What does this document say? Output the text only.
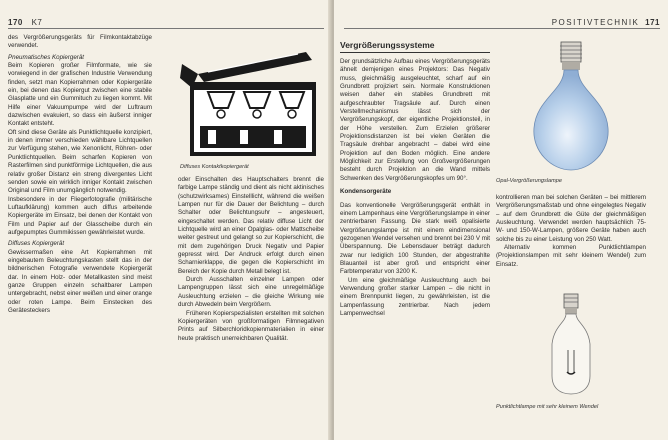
170 K7

des Vergrößerungsgeräts für Filmkontaktabzüge verwendet.

Pneumatisches Kopiergerät

Beim Kopieren großer Filmformate, wie sie vorwiegend in der grafischen Industrie Verwendung finden, setzt man Kopierrahmen oder Kopiergeräte ein, bei denen das Kopiergut zwischen eine stabile Glasplatte und ein Gummituch zu liegen kommt. Mit Hilfe einer Vakuumpumpe wird der Luftraum dazwischen evakuiert, so dass ein äußerst inniger Kontakt entsteht.

Oft sind diese Geräte als Punktlichtquelle konzipiert, in denen immer verschieden wählbare Lichtquellen zur Verfügung stehen, wie Xenonlicht, Röhren- oder Punktlichtquellen. Beim scharfen Kopieren von Rasterfilmen sind punktförmige Lichtquellen, die aus relativ großer Distanz ein streng divergentes Licht senden sowie ein wirklich inniger Kontakt zwischen Original und Film unumgänglich notwendig.

Insbesondere in der Fliegerfotografie (militärische Luftaufklärung) kommen auch diffus arbeitende Kopiergeräte im Einsatz, bei denen der Kontakt von Film und Papier auf der Glasscheibe durch ein aufgepumptes Gummikissen gewährleistet wurde.

Diffuses Kopiergerät

Gewissermaßen eine Art Kopierrahmen mit eingebautem Beleuchtungskasten stellt das in der bildnerischen Fotografie verwendete Kopiergerät dar. In einem Holz- oder Metallkasten sind meist ganze Gruppen einzeln schaltbarer Lampen untergebracht, nebst einer weißen und einer orange oder roten Lampe. Beim Einstecken des Gerätesteckers

Diffuses Kontaktkopiergerät

oder Einschalten des Hauptschalters brennt die farbige Lampe ständig und dient als nicht aktinisches (schutzwirksames) Einstelllicht, während die weißen Lampen nur für die Dauer der Belichtung – durch Schalter oder Belichtungsuhr – angesteuert, eingeschaltet werden. Das relativ diffuse Licht der Lichtquelle wird an einer Opalglas- oder Mattscheibe weiter gestreut und gelangt so zur Kopierschicht, die mit dem zugehörigen Druck Negativ und Papier gepresst wird. Der Andruck erfolgt durch einen Scharnierklappe, die gegen die Kopierschicht im Bereich der Kopie durch Metall belegt ist.

Durch Ausschalten einzelner Lampen oder Lampengruppen lässt sich eine unregelmäßige Ausleuchtung erzielen – die gleiche Wirkung wie durch Abwedeln beim Vergrößern.

Früheren Kopierspezialisten erstellten mit solchen Kopiergeräten von großformatigen Filmnegativen Prints auf Silberchloridkopienmaterialien in einer heute praktisch unerreichbaren Qualität.

POSITIVTECHNIK 171
Vergrößerungssysteme

Der grundsätzliche Aufbau eines Vergrößerungsgeräts ähnelt demjenigen eines Projektors: Das Negativ muss, gleichmäßig ausgeleuchtet, scharf auf ein Grundbrett projiziert sein. Normale Konstruktionen weisen daher ein stabiles Grundbrett mit aufgeschraubter Tragsäule auf. Durch einen Verstellmechanismus lässt sich der Vergrößerungskopf, der eigentliche Projektionsteil, in der Höhe verstellen. Zum Erzielen größerer Projektionsdistanzen ist bei vielen Geräten die Tragsäule drehbar angebracht – dabei wird eine Projektion auf den Boden möglich. Eine andere Möglichkeit zur Erstellung von Großvergrößerungen besteht durch Projektion an die Wand mittels Schwenken des Vergrößerungskopfes um 90°.

Kondensorgeräte

Das konventionelle Vergrößerungsgerät enthält in einem Lampenhaus eine Vergrößerungslampe in einer zentrierbaren Fassung. Die stark weiß opalisierte Vergrößerungslampe ist mit einem eindimensional gezogenen Wendel versehen und brennt bei 230 V mit Überspannung. Die Lebensdauer beträgt dadurch zwar nur lediglich 100 Stunden, der abgestrahlte Blauanteil ist aber groß und entspricht einer Farbtemperatur von 3200 K.

Um eine gleichmäßige Ausleuchtung auch bei Verwendung großer starker Lampen – die nicht in einem Brennpunkt liegen, zu gewährleisten, ist die Lampenfassung zentrierbar. Nach jedem Lampenwechsel

Opal-Vergrößerungslampe

kontrollieren man bei solchen Geräten – bei mittlerem Vergrößerungsmaßstab und ohne eingelegtes Negativ – auf dem Grundbrett die Güte der gleichmäßigen Ausleuchtung. Verwendet werden hauptsächlich 75-W- und 150-W-Lampen, größere Geräte haben auch solche bis zu einer Leistung von 250 Watt.

Alternativ kommen Punktlichtlampen (Projektionslampen mit sehr kleinem Wendel) zum Einsatz.

Punktlichtlampe mit sehr kleinem Wendel
